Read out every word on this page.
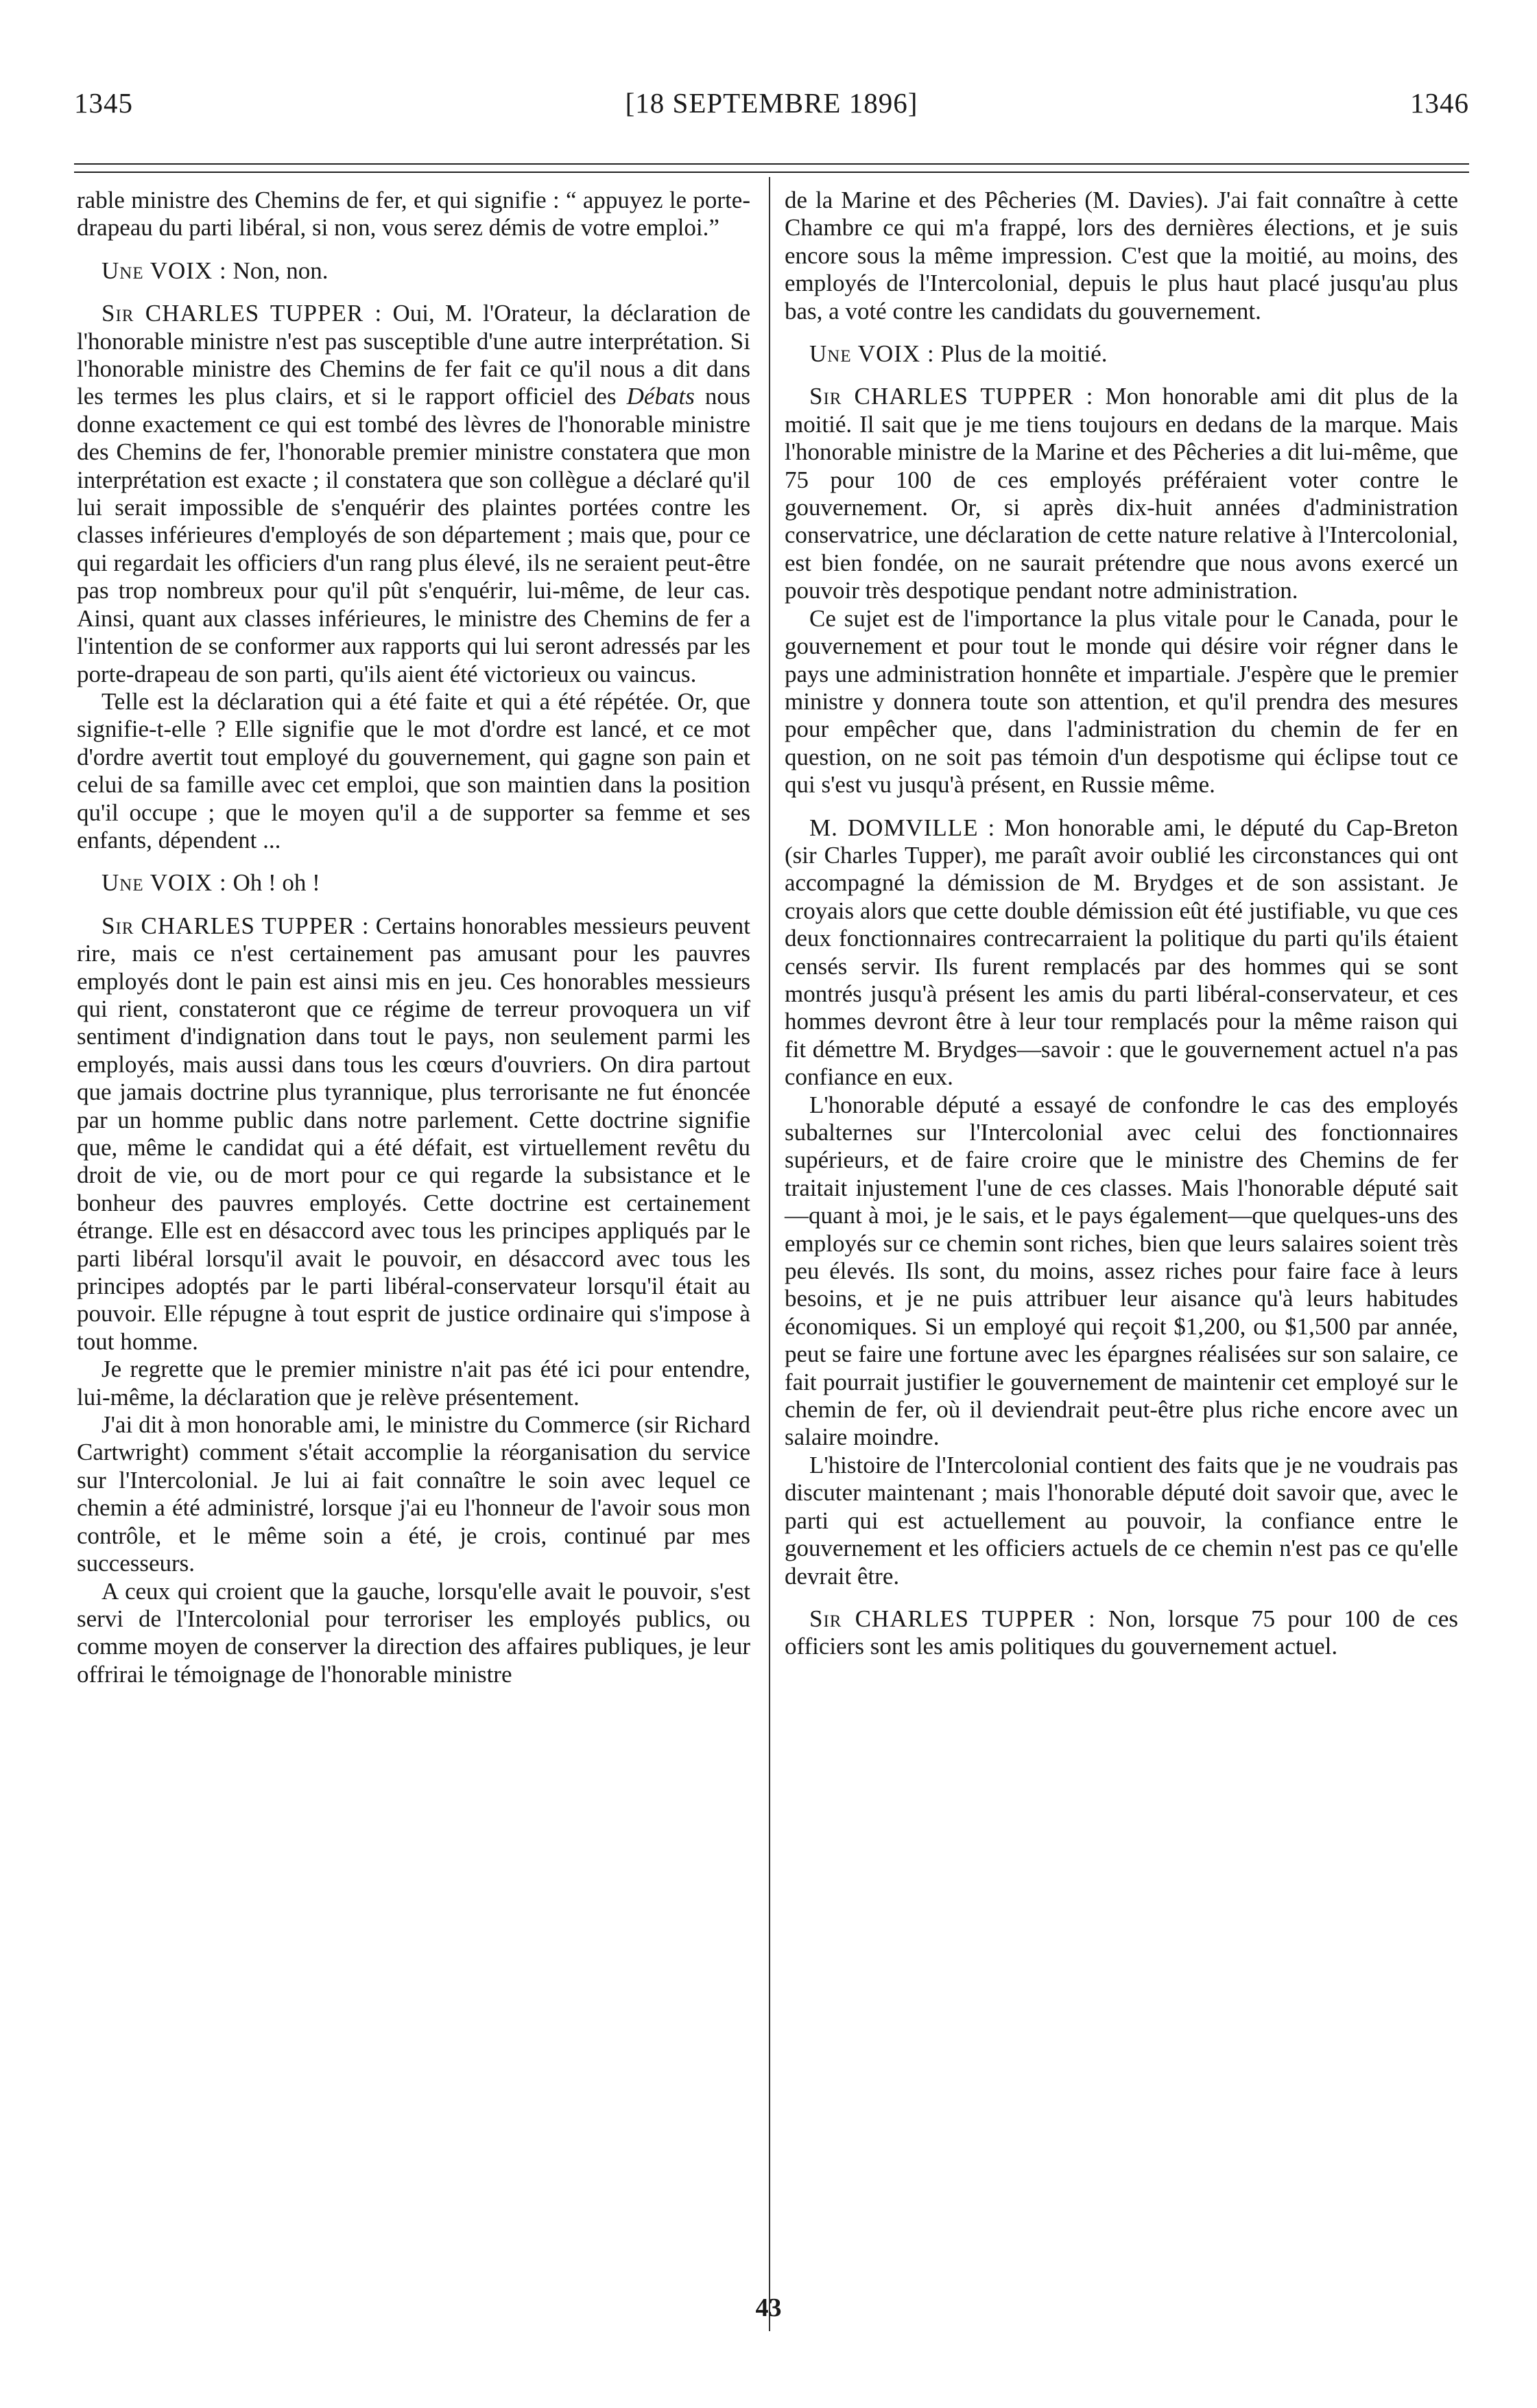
1345	[18 SEPTEMBRE 1896]	1346

rable ministre des Chemins de fer, et qui signifie : “ appuyez le porte-drapeau du parti libéral, si non, vous serez démis de votre emploi.”

Une VOIX : Non, non.

Sir CHARLES TUPPER : Oui, M. l'Orateur, la déclaration de l'honorable ministre n'est pas susceptible d'une autre interprétation. Si l'honorable ministre des Chemins de fer fait ce qu'il nous a dit dans les termes les plus clairs, et si le rapport officiel des Débats nous donne exactement ce qui est tombé des lèvres de l'honorable ministre des Chemins de fer, l'honorable premier ministre constatera que mon interprétation est exacte ; il constatera que son collègue a déclaré qu'il lui serait impossible de s'enquérir des plaintes portées contre les classes inférieures d'employés de son département ; mais que, pour ce qui regardait les officiers d'un rang plus élevé, ils ne seraient peut-être pas trop nombreux pour qu'il pût s'enquérir, lui-même, de leur cas. Ainsi, quant aux classes inférieures, le ministre des Chemins de fer a l'intention de se conformer aux rapports qui lui seront adressés par les porte-drapeau de son parti, qu'ils aient été victorieux ou vaincus.

Telle est la déclaration qui a été faite et qui a été répétée. Or, que signifie-t-elle ? Elle signifie que le mot d'ordre est lancé, et ce mot d'ordre avertit tout employé du gouvernement, qui gagne son pain et celui de sa famille avec cet emploi, que son maintien dans la position qu'il occupe ; que le moyen qu'il a de supporter sa femme et ses enfants, dépendent ...

Une VOIX : Oh ! oh !

Sir CHARLES TUPPER : Certains honorables messieurs peuvent rire, mais ce n'est certainement pas amusant pour les pauvres employés dont le pain est ainsi mis en jeu. Ces honorables messieurs qui rient, constateront que ce régime de terreur provoquera un vif sentiment d'indignation dans tout le pays, non seulement parmi les employés, mais aussi dans tous les cœurs d'ouvriers. On dira partout que jamais doctrine plus tyrannique, plus terrorisante ne fut énoncée par un homme public dans notre parlement. Cette doctrine signifie que, même le candidat qui a été défait, est virtuellement revêtu du droit de vie, ou de mort pour ce qui regarde la subsistance et le bonheur des pauvres employés. Cette doctrine est certainement étrange. Elle est en désaccord avec tous les principes appliqués par le parti libéral lorsqu'il avait le pouvoir, en désaccord avec tous les principes adoptés par le parti libéral-conservateur lorsqu'il était au pouvoir. Elle répugne à tout esprit de justice ordinaire qui s'impose à tout homme.

Je regrette que le premier ministre n'ait pas été ici pour entendre, lui-même, la déclaration que je relève présentement.

J'ai dit à mon honorable ami, le ministre du Commerce (sir Richard Cartwright) comment s'était accomplie la réorganisation du service sur l'Intercolonial. Je lui ai fait connaître le soin avec lequel ce chemin a été administré, lorsque j'ai eu l'honneur de l'avoir sous mon contrôle, et le même soin a été, je crois, continué par mes successeurs.

A ceux qui croient que la gauche, lorsqu'elle avait le pouvoir, s'est servi de l'Intercolonial pour terroriser les employés publics, ou comme moyen de conserver la direction des affaires publiques, je leur offrirai le témoignage de l'honorable ministre

de la Marine et des Pêcheries (M. Davies). J'ai fait connaître à cette Chambre ce qui m'a frappé, lors des dernières élections, et je suis encore sous la même impression. C'est que la moitié, au moins, des employés de l'Intercolonial, depuis le plus haut placé jusqu'au plus bas, a voté contre les candidats du gouvernement.

Une VOIX : Plus de la moitié.

Sir CHARLES TUPPER : Mon honorable ami dit plus de la moitié. Il sait que je me tiens toujours en dedans de la marque. Mais l'honorable ministre de la Marine et des Pêcheries a dit lui-même, que 75 pour 100 de ces employés préféraient voter contre le gouvernement. Or, si après dix-huit années d'administration conservatrice, une déclaration de cette nature relative à l'Intercolonial, est bien fondée, on ne saurait prétendre que nous avons exercé un pouvoir très despotique pendant notre administration.

Ce sujet est de l'importance la plus vitale pour le Canada, pour le gouvernement et pour tout le monde qui désire voir régner dans le pays une administration honnête et impartiale. J'espère que le premier ministre y donnera toute son attention, et qu'il prendra des mesures pour empêcher que, dans l'administration du chemin de fer en question, on ne soit pas témoin d'un despotisme qui éclipse tout ce qui s'est vu jusqu'à présent, en Russie même.

M. DOMVILLE : Mon honorable ami, le député du Cap-Breton (sir Charles Tupper), me paraît avoir oublié les circonstances qui ont accompagné la démission de M. Brydges et de son assistant. Je croyais alors que cette double démission eût été justifiable, vu que ces deux fonctionnaires contrecarraient la politique du parti qu'ils étaient censés servir. Ils furent remplacés par des hommes qui se sont montrés jusqu'à présent les amis du parti libéral-conservateur, et ces hommes devront être à leur tour remplacés pour la même raison qui fit démettre M. Brydges—savoir : que le gouvernement actuel n'a pas confiance en eux.

L'honorable député a essayé de confondre le cas des employés subalternes sur l'Intercolonial avec celui des fonctionnaires supérieurs, et de faire croire que le ministre des Chemins de fer traitait injustement l'une de ces classes. Mais l'honorable député sait—quant à moi, je le sais, et le pays également—que quelques-uns des employés sur ce chemin sont riches, bien que leurs salaires soient très peu élevés. Ils sont, du moins, assez riches pour faire face à leurs besoins, et je ne puis attribuer leur aisance qu'à leurs habitudes économiques. Si un employé qui reçoit $1,200, ou $1,500 par année, peut se faire une fortune avec les épargnes réalisées sur son salaire, ce fait pourrait justifier le gouvernement de maintenir cet employé sur le chemin de fer, où il deviendrait peut-être plus riche encore avec un salaire moindre.

L'histoire de l'Intercolonial contient des faits que je ne voudrais pas discuter maintenant ; mais l'honorable député doit savoir que, avec le parti qui est actuellement au pouvoir, la confiance entre le gouvernement et les officiers actuels de ce chemin n'est pas ce qu'elle devrait être.

Sir CHARLES TUPPER : Non, lorsque 75 pour 100 de ces officiers sont les amis politiques du gouvernement actuel.

43
